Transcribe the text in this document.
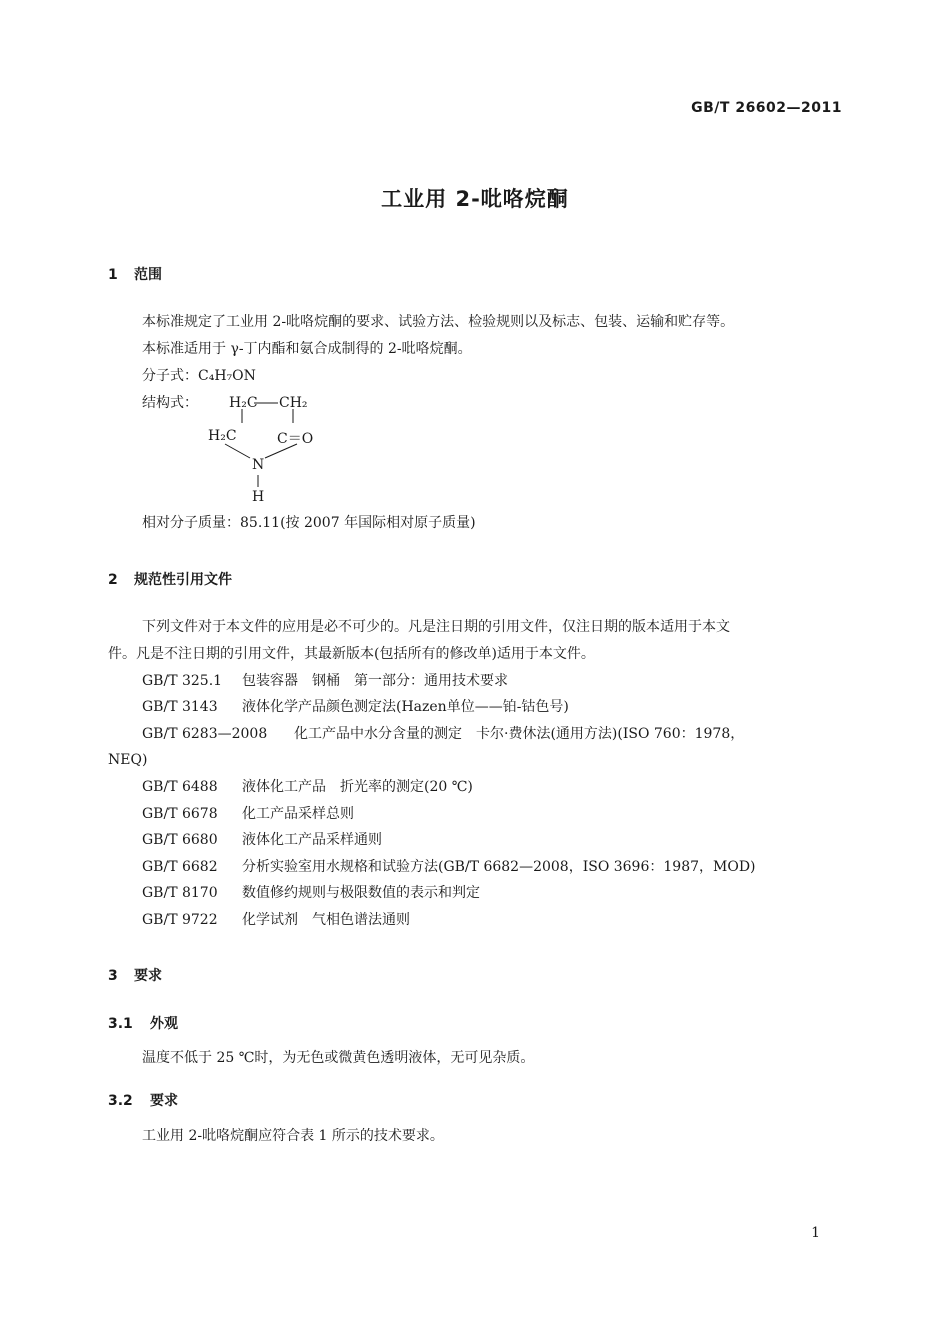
GB/T 26602—2011
工业用 2-吡咯烷酮
1 范围
本标准规定了工业用 2-吡咯烷酮的要求、试验方法、检验规则以及标志、包装、运输和贮存等。
本标准适用于 γ-丁内酯和氨合成制得的 2-吡咯烷酮。
分子式：C₄H₇ON
结构式： H₂C CH₂
H₂C	C＝O
N
H
相对分子质量：85.11(按 2007 年国际相对原子质量)
2 规范性引用文件
下列文件对于本文件的应用是必不可少的。凡是注日期的引用文件，仅注日期的版本适用于本文
件。凡是不注日期的引用文件，其最新版本(包括所有的修改单)适用于本文件。
GB/T 325.1 包装容器　钢桶　第一部分：通用技术要求
GB/T 3143 液体化学产品颜色测定法(Hazen单位——铂-钴色号)
GB/T 6283—2008 化工产品中水分含量的测定　卡尔·费休法(通用方法)(ISO 760：1978，
NEQ)
GB/T 6488 液体化工产品　折光率的测定(20 ℃)
GB/T 6678 化工产品采样总则
GB/T 6680 液体化工产品采样通则
GB/T 6682 分析实验室用水规格和试验方法(GB/T 6682—2008，ISO 3696：1987，MOD)
GB/T 8170 数值修约规则与极限数值的表示和判定
GB/T 9722 化学试剂　气相色谱法通则
3 要求
3.1 外观
温度不低于 25 ℃时，为无色或微黄色透明液体，无可见杂质。
3.2 要求
工业用 2-吡咯烷酮应符合表 1 所示的技术要求。
1
